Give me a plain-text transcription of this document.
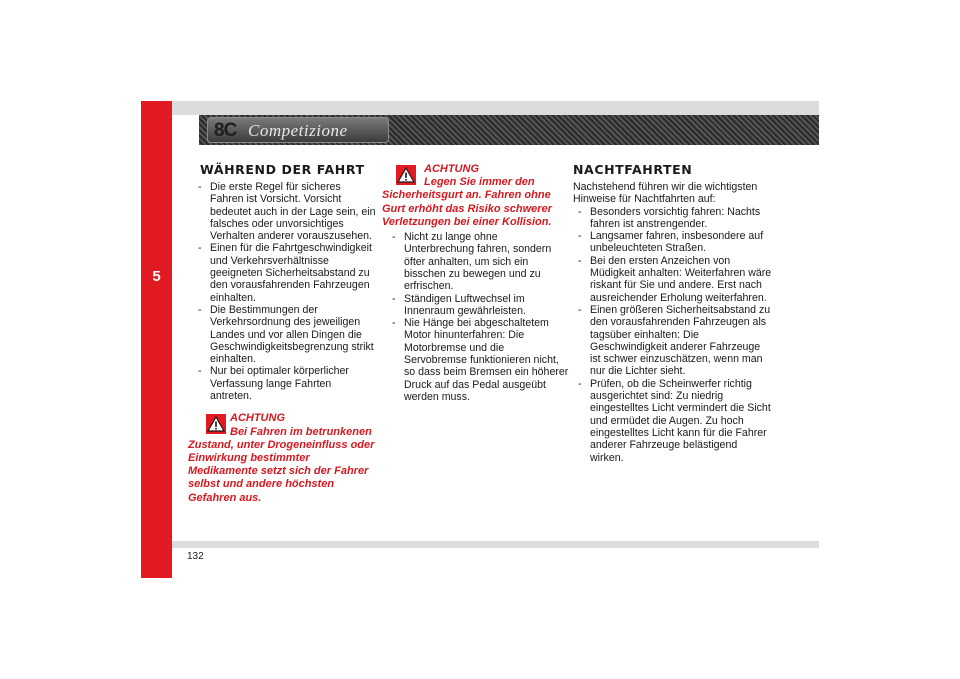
5
8C Competizione
WÄHREND DER FAHRT
- Die erste Regel für sicheres Fahren ist Vorsicht. Vorsicht bedeutet auch in der Lage sein, ein falsches oder unvorsichtiges Verhalten anderer vorauszusehen.
- Einen für die Fahrtgeschwindigkeit und Verkehrsverhältnisse geeigneten Sicherheitsabstand zu den vorausfahrenden Fahrzeugen einhalten.
- Die Bestimmungen der Verkehrsordnung des jeweiligen Landes und vor allen Dingen die Geschwindigkeitsbegrenzung strikt einhalten.
- Nur bei optimaler körperlicher Verfassung lange Fahrten antreten.
ACHTUNG
Bei Fahren im betrunkenen
Zustand, unter Drogeneinfluss oder Einwirkung bestimmter Medikamente setzt sich der Fahrer selbst und andere höchsten Gefahren aus.
ACHTUNG
Legen Sie immer den
Sicherheitsgurt an. Fahren ohne Gurt erhöht das Risiko schwerer Verletzungen bei einer Kollision.
- Nicht zu lange ohne Unterbrechung fahren, sondern öfter anhalten, um sich ein bisschen zu bewegen und zu erfrischen.
- Ständigen Luftwechsel im Innenraum gewährleisten.
- Nie Hänge bei abgeschaltetem Motor hinunterfahren: Die Motorbremse und die Servobremse funktionieren nicht, so dass beim Bremsen ein höherer Druck auf das Pedal ausgeübt werden muss.
NACHTFAHRTEN

Nachstehend führen wir die wichtigsten Hinweise für Nachtfahrten auf:

- Besonders vorsichtig fahren: Nachts fahren ist anstrengender.
- Langsamer fahren, insbesondere auf unbeleuchteten Straßen.
- Bei den ersten Anzeichen von Müdigkeit anhalten: Weiterfahren wäre riskant für Sie und andere. Erst nach ausreichender Erholung weiterfahren.
- Einen größeren Sicherheitsabstand zu den vorausfahrenden Fahrzeugen als tagsüber einhalten: Die Geschwindigkeit anderer Fahrzeuge ist schwer einzuschätzen, wenn man nur die Lichter sieht.
- Prüfen, ob die Scheinwerfer richtig ausgerichtet sind: Zu niedrig eingestelltes Licht vermindert die Sicht und ermüdet die Augen. Zu hoch eingestelltes Licht kann für die Fahrer anderer Fahrzeuge belästigend wirken.
132
